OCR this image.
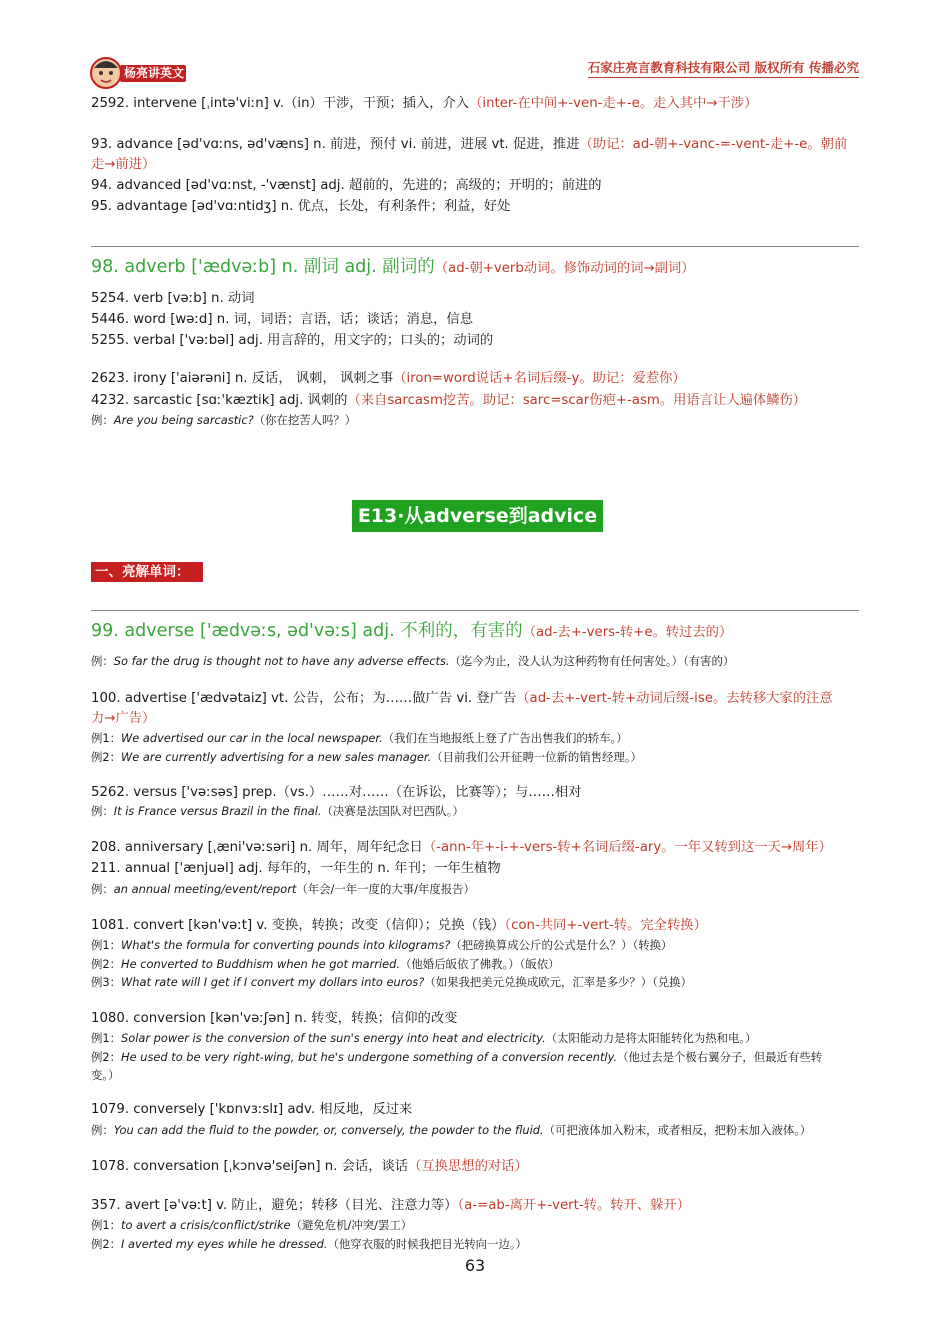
杨亮讲英文	石家庄亮言教育科技有限公司 版权所有 传播必究
2592. intervene [ˌintə'viːn] v.（in）干涉，干预；插入，介入（inter-在中间+-ven-走+-e。走入其中→干涉）
93. advance [əd'vɑːns, əd'væns] n. 前进，预付 vi. 前进，进展 vt. 促进，推进（助记：ad-朝+-vanc-=-vent-走+-e。朝前
走→前进）
94. advanced [əd'vɑːnst, -'vænst] adj. 超前的，先进的；高级的；开明的；前进的
95. advantage [əd'vɑːntidʒ] n. 优点，长处，有利条件；利益，好处
98. adverb ['ædvəːb] n. 副词 adj. 副词的（ad-朝+verb动词。修饰动词的词→副词）
5254. verb [vəːb] n. 动词
5446. word [wəːd] n. 词，词语；言语，话；谈话；消息，信息
5255. verbal ['vəːbəl] adj. 用言辞的，用文字的；口头的；动词的
2623. irony ['aiərəni] n. 反话， 讽刺， 讽刺之事（iron=word说话+名词后缀-y。助记：爱惹你）
4232. sarcastic [sɑː'kæztik] adj. 讽刺的（来自sarcasm挖苦。助记：sarc=scar伤疤+-asm。用语言让人遍体鳞伤）
例：Are you being sarcastic?（你在挖苦人吗？）
E13·从adverse到advice
一、亮解单词：
99. adverse ['ædvəːs, əd'vəːs] adj. 不利的，有害的（ad-去+-vers-转+e。转过去的）
例：So far the drug is thought not to have any adverse effects.（迄今为止，没人认为这种药物有任何害处。）（有害的）
100. advertise ['ædvətaiz] vt. 公告，公布；为……做广告 vi. 登广告（ad-去+-vert-转+动词后缀-ise。去转移大家的注意
力→广告）
例1：We advertised our car in the local newspaper.（我们在当地报纸上登了广告出售我们的轿车。）
例2：We are currently advertising for a new sales manager.（目前我们公开征聘一位新的销售经理。）
5262. versus ['vəːsəs] prep.（vs.）……对……（在诉讼，比赛等）；与……相对
例：It is France versus Brazil in the final.（决赛是法国队对巴西队。）
208. anniversary [ˌæni'vəːsəri] n. 周年，周年纪念日（-ann-年+-i-+-vers-转+名词后缀-ary。一年又转到这一天→周年）
211. annual ['ænjuəl] adj. 每年的，一年生的 n. 年刊；一年生植物
例：an annual meeting/event/report（年会/一年一度的大事/年度报告）
1081. convert [kən'vəːt] v. 变换，转换；改变（信仰）；兑换（钱）（con-共同+-vert-转。完全转换）
例1：What's the formula for converting pounds into kilograms?（把磅换算成公斤的公式是什么？）（转换）
例2：He converted to Buddhism when he got married.（他婚后皈依了佛教。）（皈依）
例3：What rate will I get if I convert my dollars into euros?（如果我把美元兑换成欧元，汇率是多少？）（兑换）
1080. conversion [kən'vəːʃən] n. 转变，转换；信仰的改变
例1：Solar power is the conversion of the sun's energy into heat and electricity.（太阳能动力是将太阳能转化为热和电。）
例2：He used to be very right-wing, but he's undergone something of a conversion recently.（他过去是个极右翼分子，但最近有些转
变。）
1079. conversely ['kɒnvɜːslɪ] adv. 相反地，反过来
例：You can add the fluid to the powder, or, conversely, the powder to the fluid.（可把液体加入粉末，或者相反，把粉末加入液体。）
1078. conversation [ˌkɔnvə'seiʃən] n. 会话，谈话（互换思想的对话）
357. avert [ə'vəːt] v. 防止，避免；转移（目光、注意力等）（a-=ab-离开+-vert-转。转开、躲开）
例1：to avert a crisis/conflict/strike（避免危机/冲突/罢工）
例2：I averted my eyes while he dressed.（他穿衣服的时候我把目光转向一边。）
63
